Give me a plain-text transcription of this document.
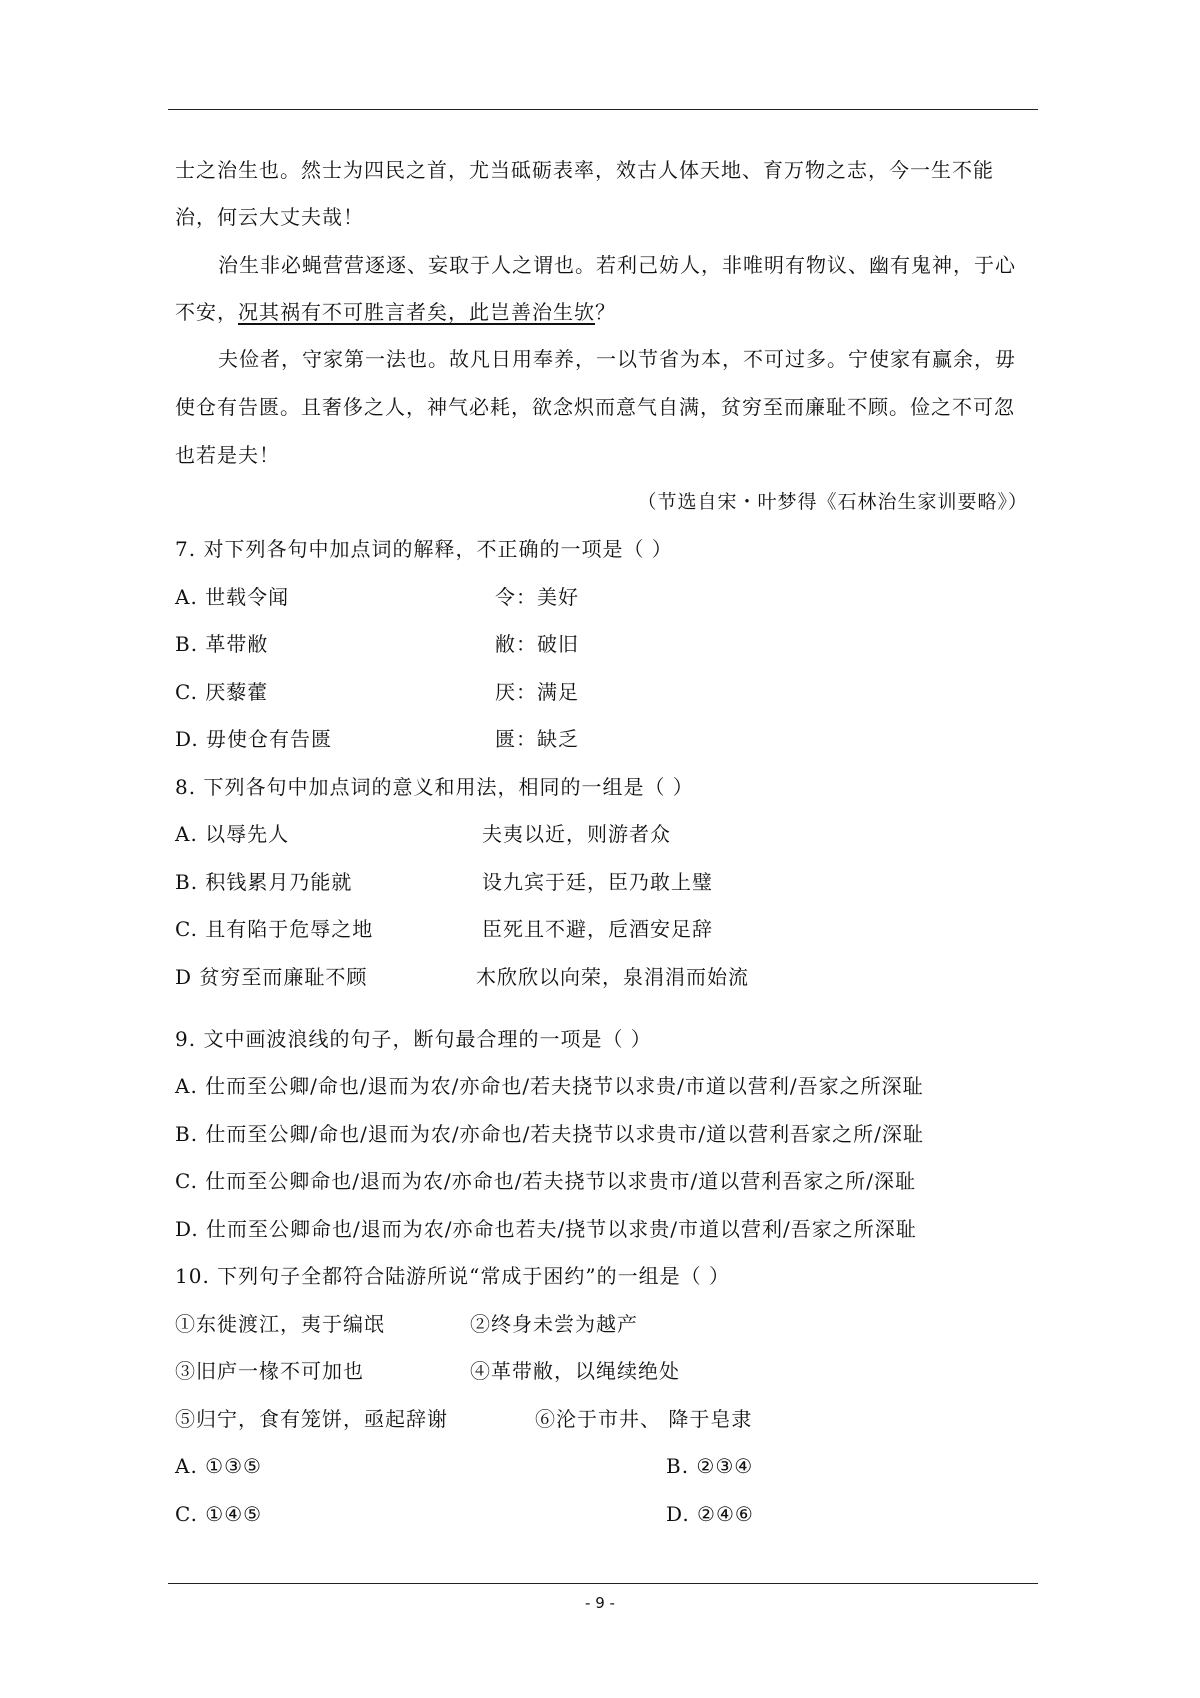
士之治生也。然士为四民之首，尤当砥砺表率，效古人体天地、育万物之志，今一生不能
治，何云大丈夫哉！
治生非必蝇营营逐逐、妄取于人之谓也。若利己妨人，非唯明有物议、幽有鬼神，于心
不安，况其祸有不可胜言者矣，此岂善治生欤？
夫俭者，守家第一法也。故凡日用奉养，一以节省为本，不可过多。宁使家有赢余，毋
使仓有告匮。且奢侈之人，神气必耗，欲念炽而意气自满，贫穷至而廉耻不顾。俭之不可忽
也若是夫！
（节选自宋・叶梦得《石林治生家训要略》）
7. 对下列各句中加点词的解释，不正确的一项是（ ）
A. 世载令闻	令：美好
B. 革带敝	敝：破旧
C. 厌藜藿	厌：满足
D. 毋使仓有告匮	匮：缺乏
8. 下列各句中加点词的意义和用法，相同的一组是（ ）
A. 以辱先人	夫夷以近，则游者众
B. 积钱累月乃能就	设九宾于廷，臣乃敢上璧
C. 且有陷于危辱之地	臣死且不避，卮酒安足辞
D 贫穷至而廉耻不顾	木欣欣以向荣，泉涓涓而始流
9. 文中画波浪线的句子，断句最合理的一项是（ ）
A. 仕而至公卿/命也/退而为农/亦命也/若夫挠节以求贵/市道以营利/吾家之所深耻
B. 仕而至公卿/命也/退而为农/亦命也/若夫挠节以求贵市/道以营利吾家之所/深耻
C. 仕而至公卿命也/退而为农/亦命也/若夫挠节以求贵市/道以营利吾家之所/深耻
D. 仕而至公卿命也/退而为农/亦命也若夫/挠节以求贵/市道以营利/吾家之所深耻
10. 下列句子全都符合陆游所说“常成于困约”的一组是（ ）
①东徙渡江，夷于编氓	②终身未尝为越产
③旧庐一椽不可加也	④革带敝，以绳续绝处
⑤归宁，食有笼饼，亟起辞谢	⑥沦于市井、 降于皂隶
A. ①③⑤	B. ②③④
C. ①④⑤	D. ②④⑥
- 9 -
